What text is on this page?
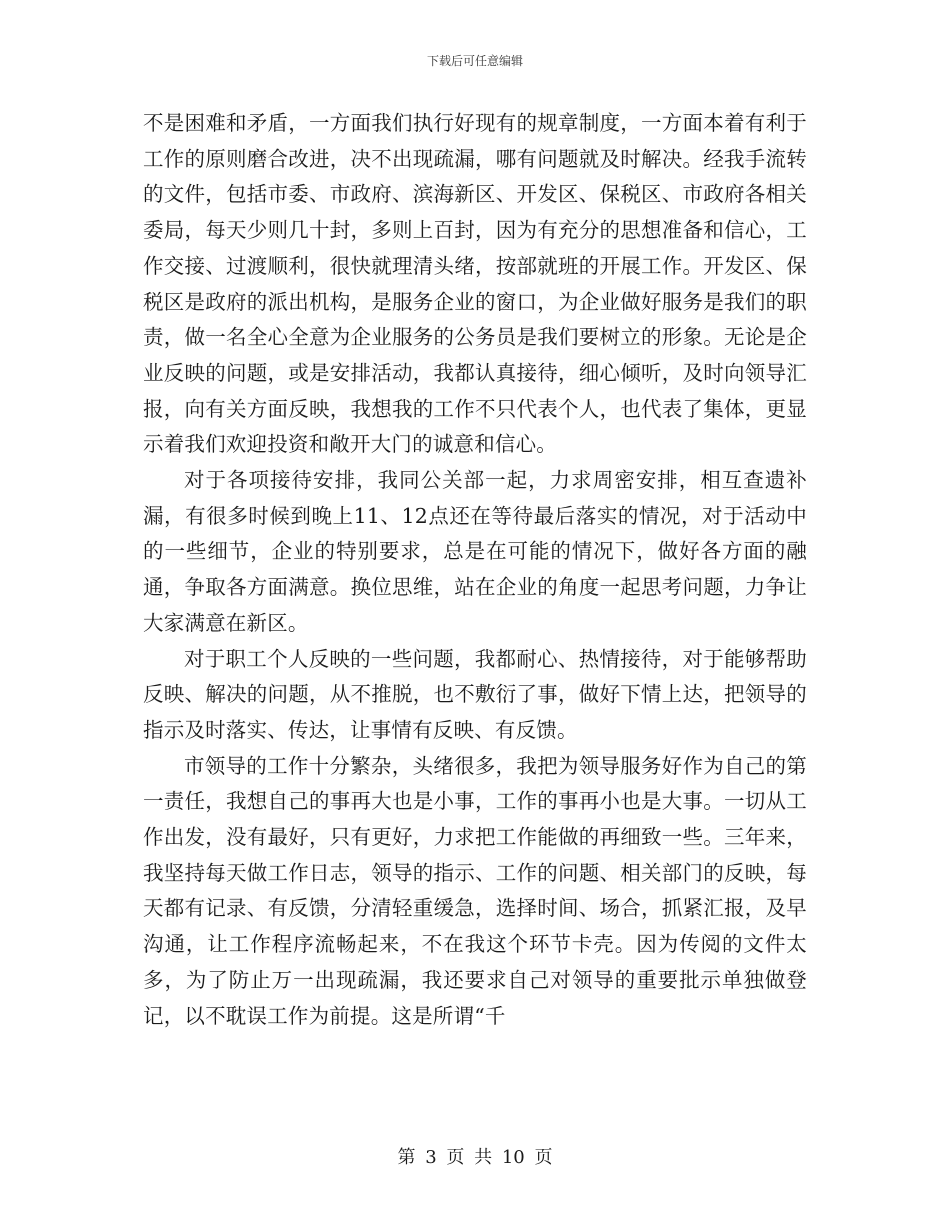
下载后可任意编辑

不是困难和矛盾，一方面我们执行好现有的规章制度，一方面本着有利于工作的原则磨合改进，决不出现疏漏，哪有问题就及时解决。经我手流转的文件，包括市委、市政府、滨海新区、开发区、保税区、市政府各相关委局，每天少则几十封，多则上百封，因为有充分的思想准备和信心，工作交接、过渡顺利，很快就理清头绪，按部就班的开展工作。开发区、保税区是政府的派出机构，是服务企业的窗口，为企业做好服务是我们的职责，做一名全心全意为企业服务的公务员是我们要树立的形象。无论是企业反映的问题，或是安排活动，我都认真接待，细心倾听，及时向领导汇报，向有关方面反映，我想我的工作不只代表个人，也代表了集体，更显示着我们欢迎投资和敞开大门的诚意和信心。

对于各项接待安排，我同公关部一起，力求周密安排，相互查遗补漏，有很多时候到晚上11、12点还在等待最后落实的情况，对于活动中的一些细节，企业的特别要求，总是在可能的情况下，做好各方面的融通，争取各方面满意。换位思维，站在企业的角度一起思考问题，力争让大家满意在新区。

对于职工个人反映的一些问题，我都耐心、热情接待，对于能够帮助反映、解决的问题，从不推脱，也不敷衍了事，做好下情上达，把领导的指示及时落实、传达，让事情有反映、有反馈。

市领导的工作十分繁杂，头绪很多，我把为领导服务好作为自己的第一责任，我想自己的事再大也是小事，工作的事再小也是大事。一切从工作出发，没有最好，只有更好，力求把工作能做的再细致一些。三年来，我坚持每天做工作日志，领导的指示、工作的问题、相关部门的反映，每天都有记录、有反馈，分清轻重缓急，选择时间、场合，抓紧汇报，及早沟通，让工作程序流畅起来，不在我这个环节卡壳。因为传阅的文件太多，为了防止万一出现疏漏，我还要求自己对领导的重要批示单独做登记，以不耽误工作为前提。这是所谓“千

第 3 页 共 10 页
